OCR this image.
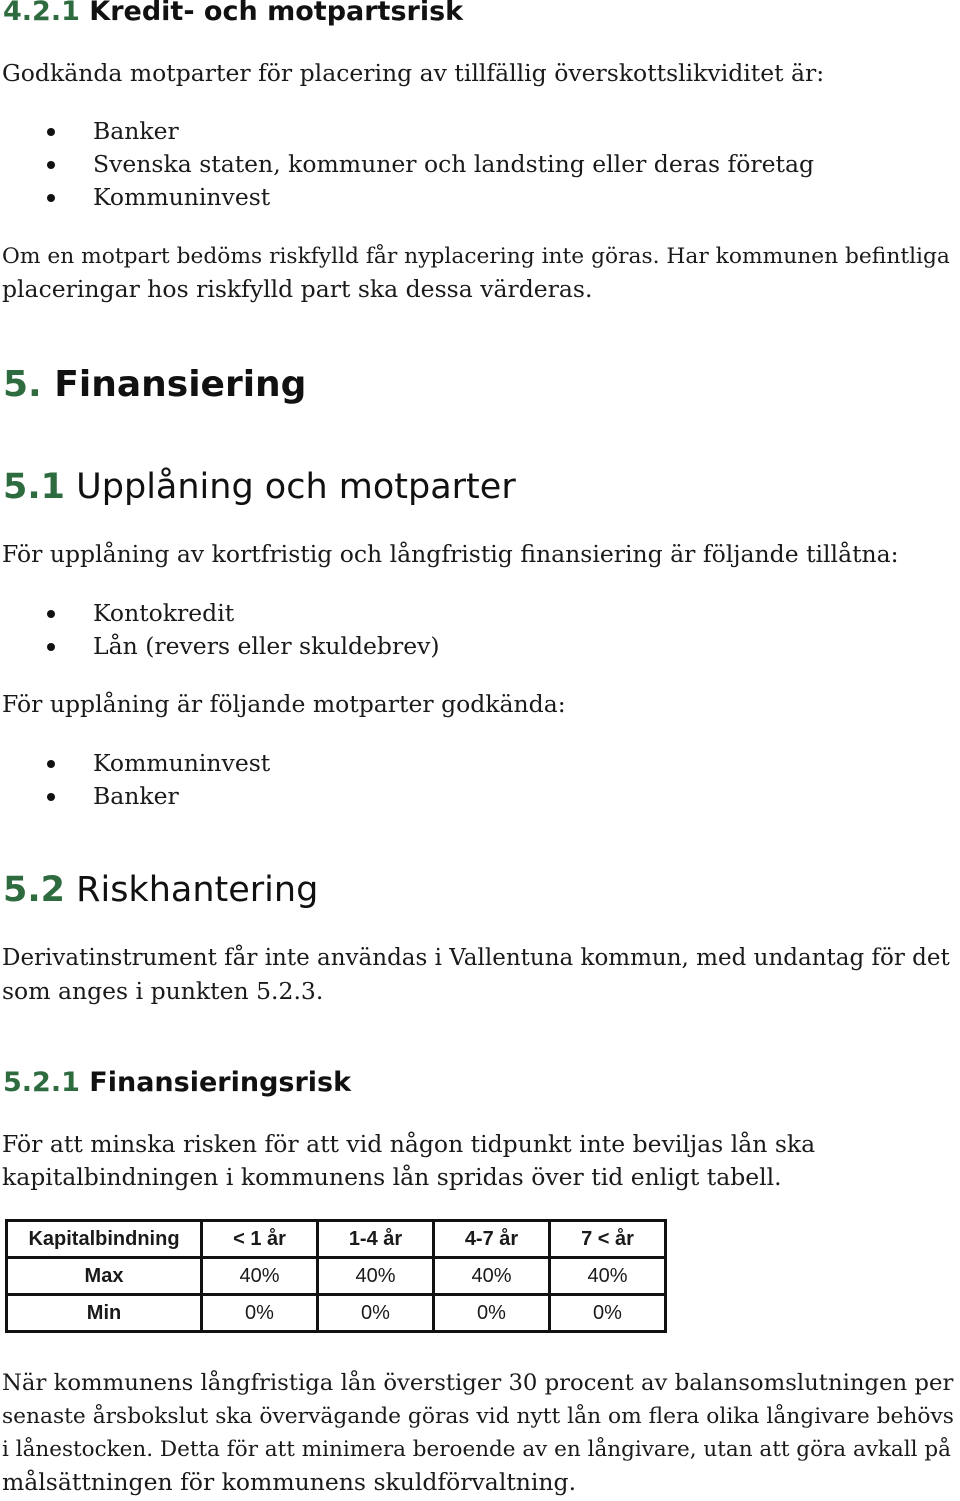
4.2.1 Kredit- och motpartsrisk

Godkända motparter för placering av tillfällig överskottslikviditet är:

Banker
Svenska staten, kommuner och landsting eller deras företag
Kommuninvest

Om en motpart bedöms riskfylld får nyplacering inte göras. Har kommunen befintliga

placeringar hos riskfylld part ska dessa värderas.

5. Finansiering
5.1 Upplåning och motparter

För upplåning av kortfristig och långfristig finansiering är följande tillåtna:

Kontokredit
Lån (revers eller skuldebrev)

För upplåning är följande motparter godkända:

Kommuninvest
Banker
5.2 Riskhantering

Derivatinstrument får inte användas i Vallentuna kommun, med undantag för det

som anges i punkten 5.2.3.

5.2.1 Finansieringsrisk

För att minska risken för att vid någon tidpunkt inte beviljas lån ska

kapitalbindningen i kommunens lån spridas över tid enligt tabell.

Kapitalbindning	< 1 år	1-4 år	4-7 år	7 < år
Max	40%	40%	40%	40%
Min	0%	0%	0%	0%

När kommunens långfristiga lån överstiger 30 procent av balansomslutningen per

senaste årsbokslut ska övervägande göras vid nytt lån om flera olika långivare behövs

i lånestocken. Detta för att minimera beroende av en långivare, utan att göra avkall på

målsättningen för kommunens skuldförvaltning.
